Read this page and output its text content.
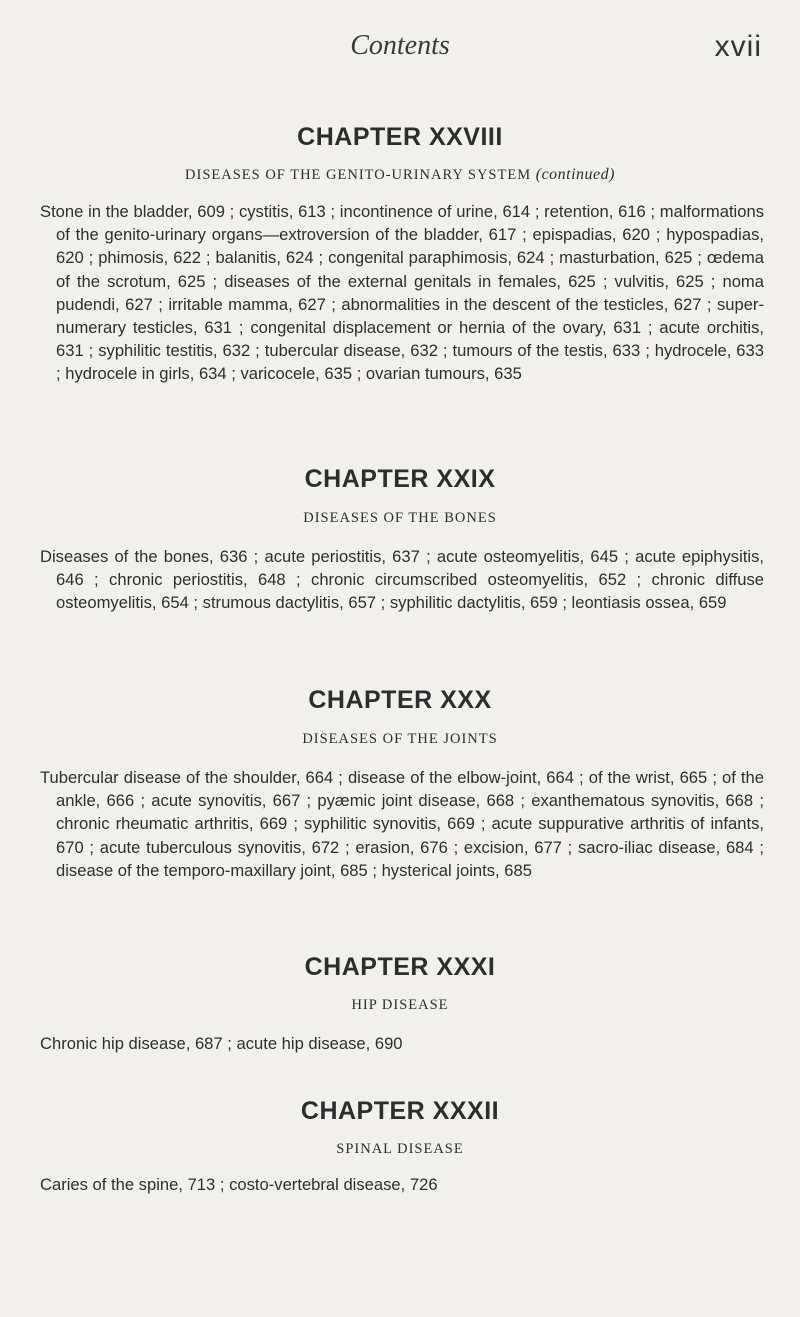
Contents	xvii
CHAPTER XXVIII

DISEASES OF THE GENITO-URINARY SYSTEM (continued)

Stone in the bladder, 609 ; cystitis, 613 ; incontinence of urine, 614 ; retention, 616 ; malformations of the genito-urinary organs—extroversion of the bladder, 617 ; epispadias, 620 ; hypospadias, 620 ; phimosis, 622 ; balanitis, 624 ; congenital paraphimosis, 624 ; masturbation, 625 ; œdema of the scrotum, 625 ; diseases of the external genitals in females, 625 ; vulvitis, 625 ; noma pudendi, 627 ; irritable mamma, 627 ; abnormalities in the descent of the testicles, 627 ; super-numerary testicles, 631 ; congenital displacement or hernia of the ovary, 631 ; acute orchitis, 631 ; syphilitic testitis, 632 ; tubercular disease, 632 ; tumours of the testis, 633 ; hydrocele, 633 ; hydrocele in girls, 634 ; varicocele, 635 ; ovarian tumours, 635

CHAPTER XXIX

DISEASES OF THE BONES

Diseases of the bones, 636 ; acute periostitis, 637 ; acute osteomyelitis, 645 ; acute epiphysitis, 646 ; chronic periostitis, 648 ; chronic circumscribed osteomyelitis, 652 ; chronic diffuse osteomyelitis, 654 ; strumous dactylitis, 657 ; syphilitic dactylitis, 659 ; leontiasis ossea, 659

CHAPTER XXX

DISEASES OF THE JOINTS

Tubercular disease of the shoulder, 664 ; disease of the elbow-joint, 664 ; of the wrist, 665 ; of the ankle, 666 ; acute synovitis, 667 ; pyæmic joint disease, 668 ; exanthematous synovitis, 668 ; chronic rheumatic arthritis, 669 ; syphilitic synovitis, 669 ; acute suppurative arthritis of infants, 670 ; acute tuberculous synovitis, 672 ; erasion, 676 ; excision, 677 ; sacro-iliac disease, 684 ; disease of the temporo-maxillary joint, 685 ; hysterical joints, 685

CHAPTER XXXI

HIP DISEASE

Chronic hip disease, 687 ; acute hip disease, 690

CHAPTER XXXII

SPINAL DISEASE

Caries of the spine, 713 ; costo-vertebral disease, 726
